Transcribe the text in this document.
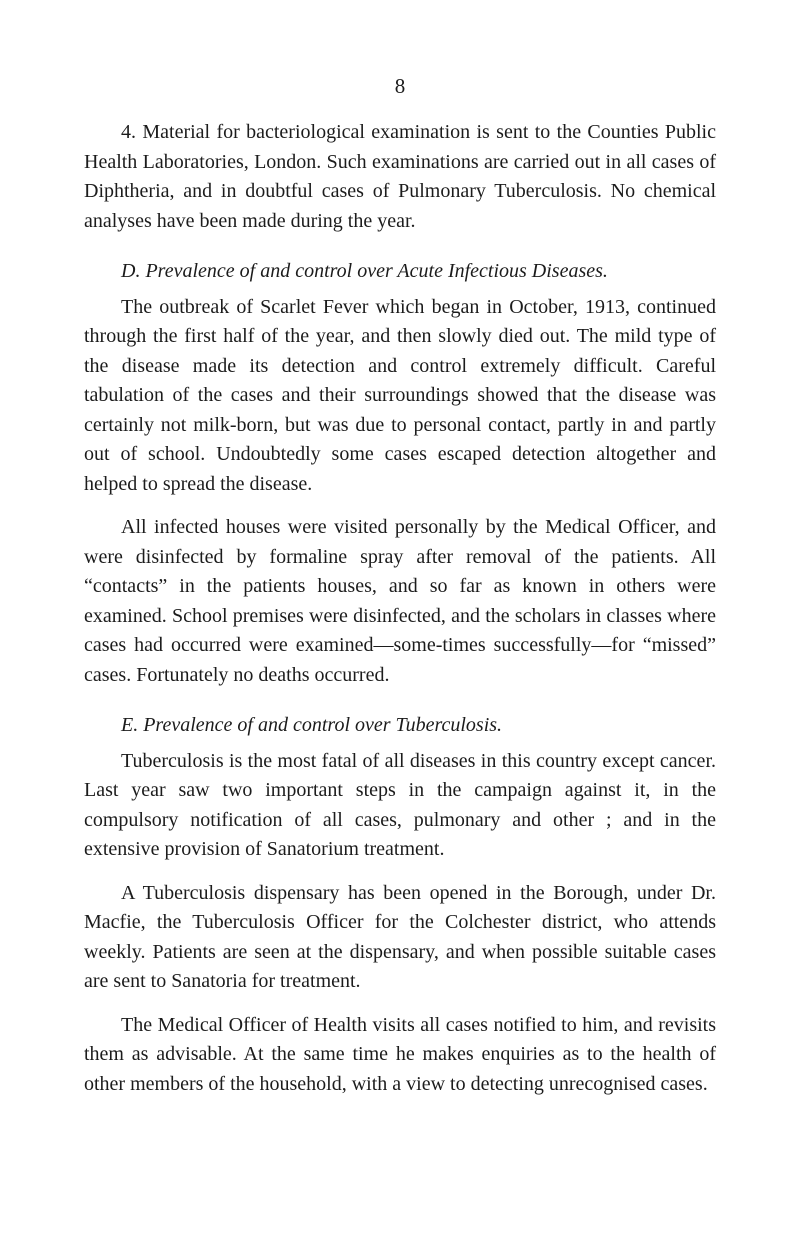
8

4. Material for bacteriological examination is sent to the Counties Public Health Laboratories, London. Such examinations are carried out in all cases of Diphtheria, and in doubtful cases of Pulmonary Tuberculosis. No chemical analyses have been made during the year.

D. Prevalence of and control over Acute Infectious Diseases.

The outbreak of Scarlet Fever which began in October, 1913, continued through the first half of the year, and then slowly died out. The mild type of the disease made its detection and control extremely difficult. Careful tabulation of the cases and their surroundings showed that the disease was certainly not milk-born, but was due to personal contact, partly in and partly out of school. Undoubtedly some cases escaped detection altogether and helped to spread the disease.

All infected houses were visited personally by the Medical Officer, and were disinfected by formaline spray after removal of the patients. All “contacts” in the patients houses, and so far as known in others were examined. School premises were disinfected, and the scholars in classes where cases had occurred were examined—some-times successfully—for “missed” cases. Fortunately no deaths occurred.

E. Prevalence of and control over Tuberculosis.

Tuberculosis is the most fatal of all diseases in this country except cancer. Last year saw two important steps in the campaign against it, in the compulsory notification of all cases, pulmonary and other ; and in the extensive provision of Sanatorium treatment.

A Tuberculosis dispensary has been opened in the Borough, under Dr. Macfie, the Tuberculosis Officer for the Colchester district, who attends weekly. Patients are seen at the dispensary, and when possible suitable cases are sent to Sanatoria for treatment.

The Medical Officer of Health visits all cases notified to him, and revisits them as advisable. At the same time he makes enquiries as to the health of other members of the household, with a view to detecting unrecognised cases.
